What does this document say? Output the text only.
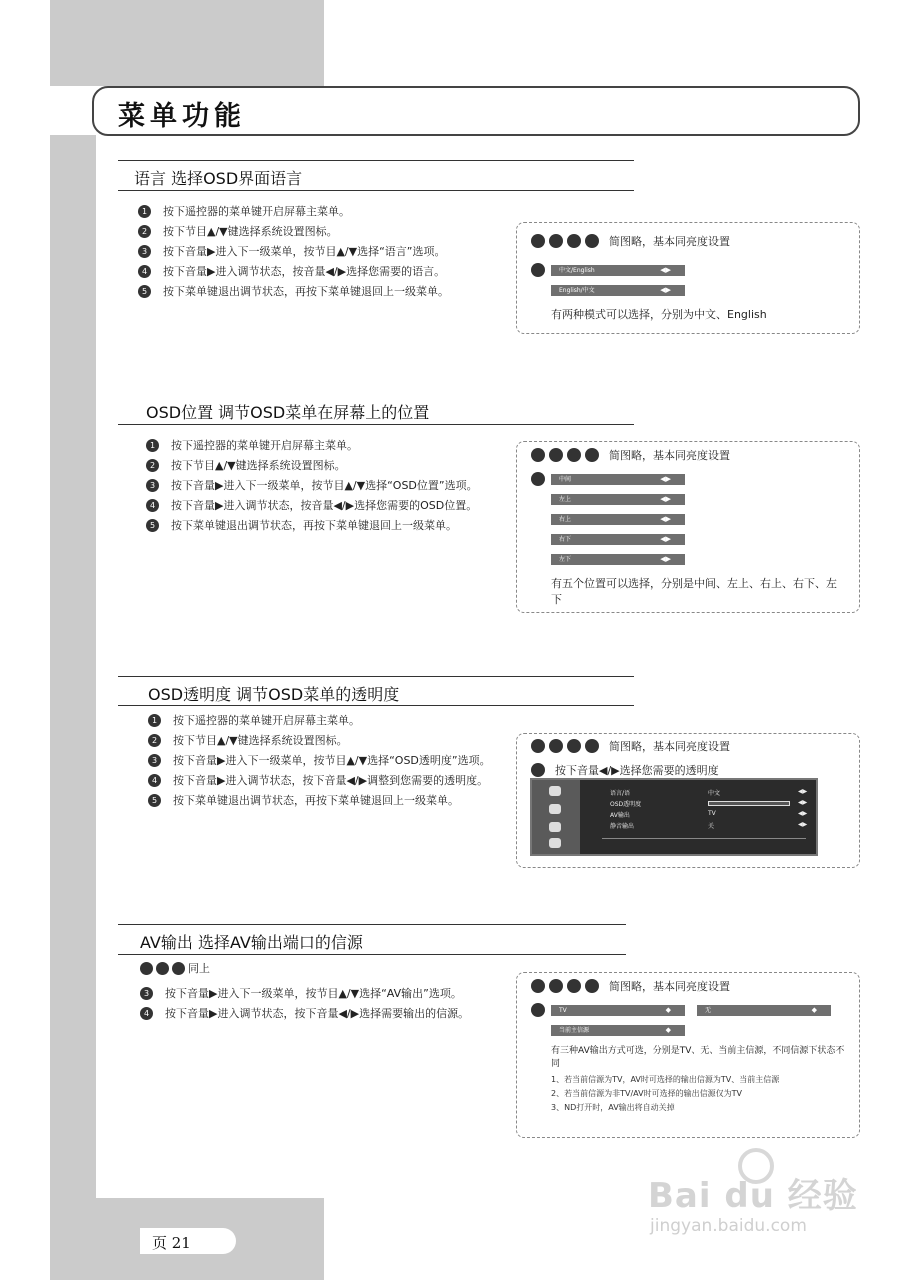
菜单功能
语言 选择OSD界面语言
1	按下遥控器的菜单键开启屏幕主菜单。
2	按下节目▲/▼键选择系统设置图标。
3	按下音量▶进入下一级菜单，按节目▲/▼选择“语言”选项。
4	按下音量▶进入调节状态，按音量◀/▶选择您需要的语言。
5	按下菜单键退出调节状态，再按下菜单键退回上一级菜单。
简图略，基本同亮度设置
中文/English	◀▶
English/中文	◀▶
有两种模式可以选择，分别为中文、English
OSD位置 调节OSD菜单在屏幕上的位置
1	按下遥控器的菜单键开启屏幕主菜单。
2	按下节目▲/▼键选择系统设置图标。
3	按下音量▶进入下一级菜单，按节目▲/▼选择“OSD位置”选项。
4	按下音量▶进入调节状态，按音量◀/▶选择您需要的OSD位置。
5	按下菜单键退出调节状态，再按下菜单键退回上一级菜单。
简图略，基本同亮度设置
中间	◀▶
左上	◀▶
右上	◀▶
右下	◀▶
左下	◀▶
有五个位置可以选择，分别是中间、左上、右上、右下、左下
OSD透明度 调节OSD菜单的透明度
1	按下遥控器的菜单键开启屏幕主菜单。
2	按下节目▲/▼键选择系统设置图标。
3	按下音量▶进入下一级菜单，按节目▲/▼选择“OSD透明度”选项。
4	按下音量▶进入调节状态，按下音量◀/▶调整到您需要的透明度。
5	按下菜单键退出调节状态，再按下菜单键退回上一级菜单。
简图略，基本同亮度设置
按下音量◀/▶选择您需要的透明度
语言/语	中文	◀▶
OSD透明度	◀▶
AV输出	TV	◀▶
静音输出	关	◀▶
AV输出 选择AV输出端口的信源
同上
3	按下音量▶进入下一级菜单，按节目▲/▼选择“AV输出”选项。
4	按下音量▶进入调节状态，按下音量◀/▶选择需要输出的信源。
简图略，基本同亮度设置
TV	◆	无	◆
当前主信源	◆
有三种AV输出方式可选，分别是TV、无、当前主信源，不同信源下状态不同
1、若当前信源为TV，AV时可选择的输出信源为TV、当前主信源
2、若当前信源为非TV/AV时可选择的输出信源仅为TV
3、ND打开时，AV输出将自动关掉
页 21
Bai du 经验
jingyan.baidu.com
